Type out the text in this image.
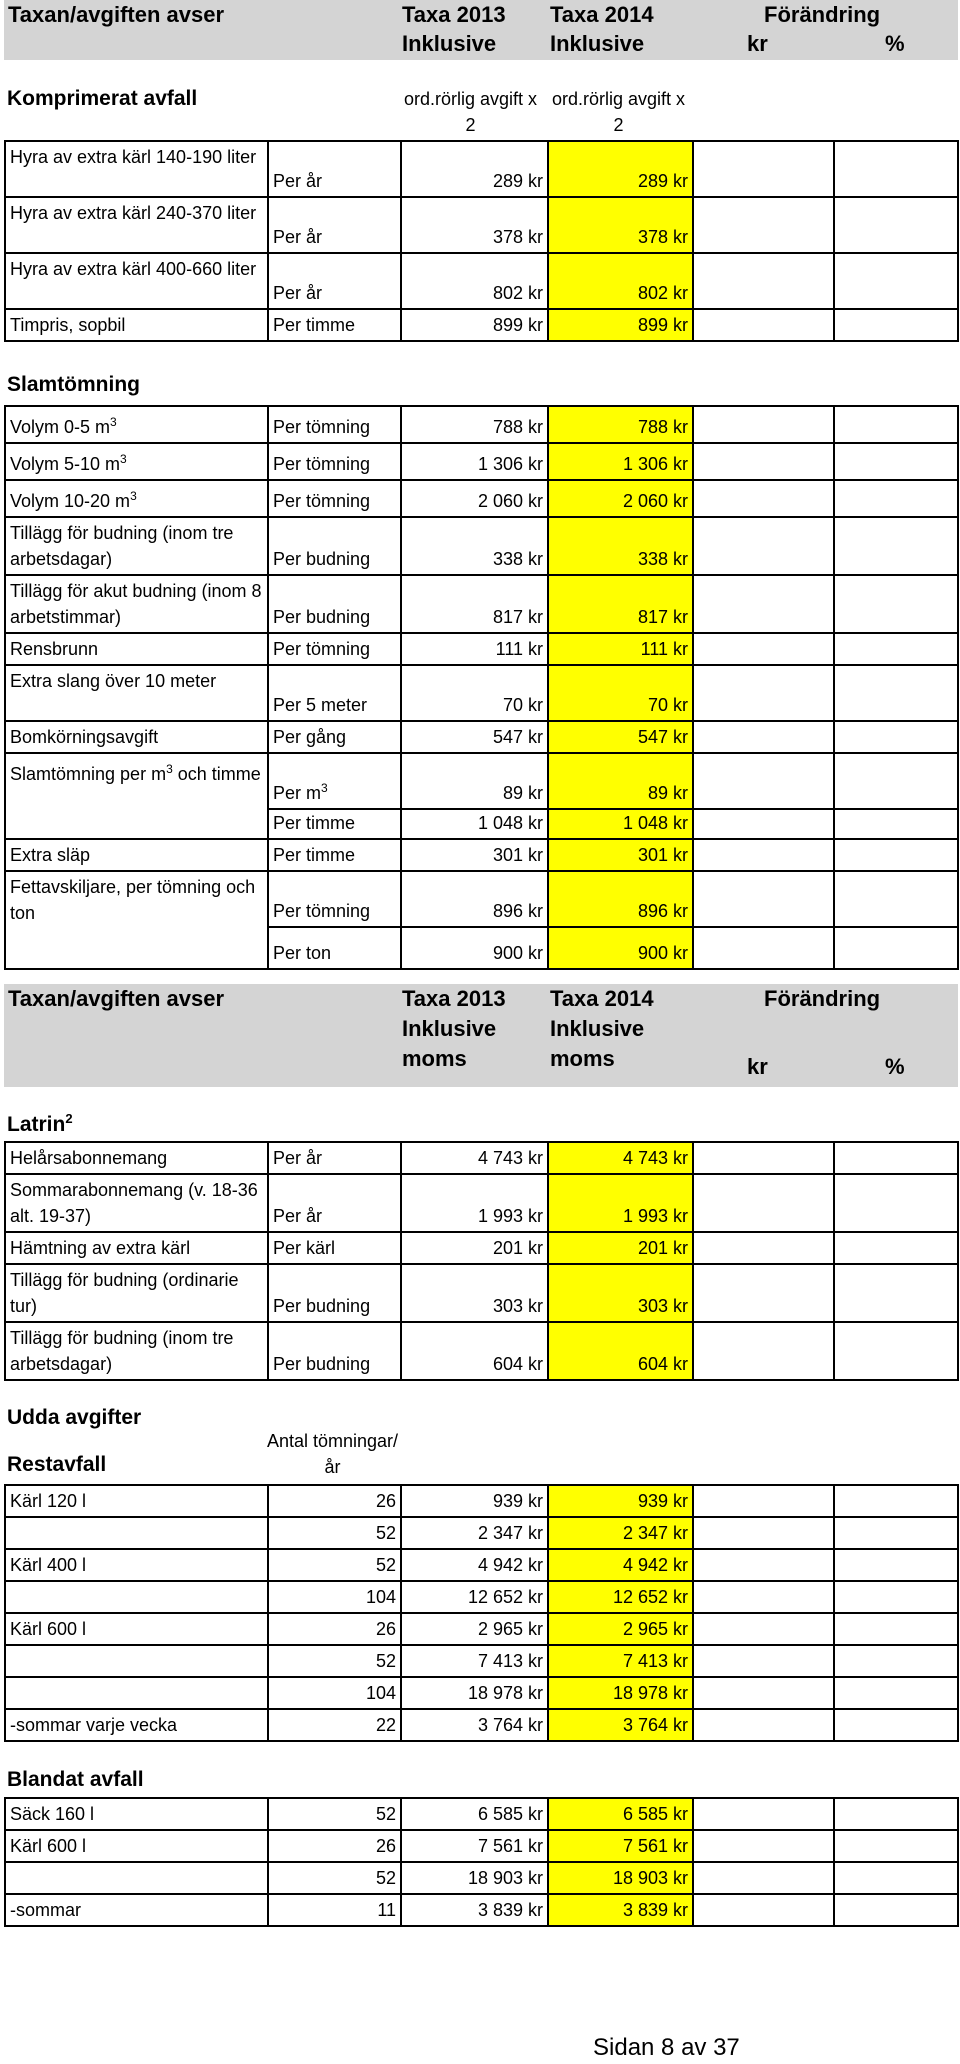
Taxan/avgiften avser	Taxa 2013
Inklusive
Taxa 2014
Inklusive
Förändring
kr	%
Komprimerat avfall	ord.rörlig avgift x 2
ord.rörlig avgift x 2
Hyra av extra kärl 140-190 liter	Per år	289 kr	289 kr		
Hyra av extra kärl 240-370 liter	Per år	378 kr	378 kr		
Hyra av extra kärl 400-660 liter	Per år	802 kr	802 kr		
Timpris, sopbil	Per timme	899 kr	899 kr		
Slamtömning
Volym 0-5 $m^3$	Per tömning	788 kr	788 kr		
Volym 5-10 $m^3$	Per tömning	1 306 kr	1 306 kr		
Volym 10-20 $m^3$	Per tömning	2 060 kr	2 060 kr		
Tillägg för budning (inom tre arbetsdagar)	Per budning	338 kr	338 kr		
Tillägg för akut budning (inom 8 arbetstimmar)	Per budning	817 kr	817 kr		
Rensbrunn	Per tömning	111 kr	111 kr		
Extra slang över 10 meter	Per 5 meter	70 kr	70 kr		
Bomkörningsavgift	Per gång	547 kr	547 kr		
Slamtömning per $m^3$ och timme	Per $m^3$	89 kr	89 kr		
	Per timme	1 048 kr	1 048 kr		
Extra släp	Per timme	301 kr	301 kr		
Fettavskiljare, per tömning och ton	Per tömning	896 kr	896 kr		
	Per ton	900 kr	900 kr		
Taxan/avgiften avser	Taxa 2013
Inklusive
moms
Taxa 2014
Inklusive
moms
Förändring
kr	%
Latrin$^2$
Helårsabonnemang	Per år	4 743 kr	4 743 kr		
Sommarabonnemang (v. 18-36 alt. 19-37)	Per år	1 993 kr	1 993 kr		
Hämtning av extra kärl	Per kärl	201 kr	201 kr		
Tillägg för budning (ordinarie tur)	Per budning	303 kr	303 kr		
Tillägg för budning (inom tre arbetsdagar)	Per budning	604 kr	604 kr		
Udda avgifter
Antal tömningar/år
Restavfall
Kärl 120 l	26	939 kr	939 kr		
	52	2 347 kr	2 347 kr		
Kärl 400 l	52	4 942 kr	4 942 kr		
	104	12 652 kr	12 652 kr		
Kärl 600 l	26	2 965 kr	2 965 kr		
	52	7 413 kr	7 413 kr		
	104	18 978 kr	18 978 kr		
-sommar varje vecka	22	3 764 kr	3 764 kr		
Blandat avfall
Säck 160 l	52	6 585 kr	6 585 kr		
Kärl 600 l	26	7 561 kr	7 561 kr		
	52	18 903 kr	18 903 kr		
-sommar	11	3 839 kr	3 839 kr		
Sidan 8 av 37
